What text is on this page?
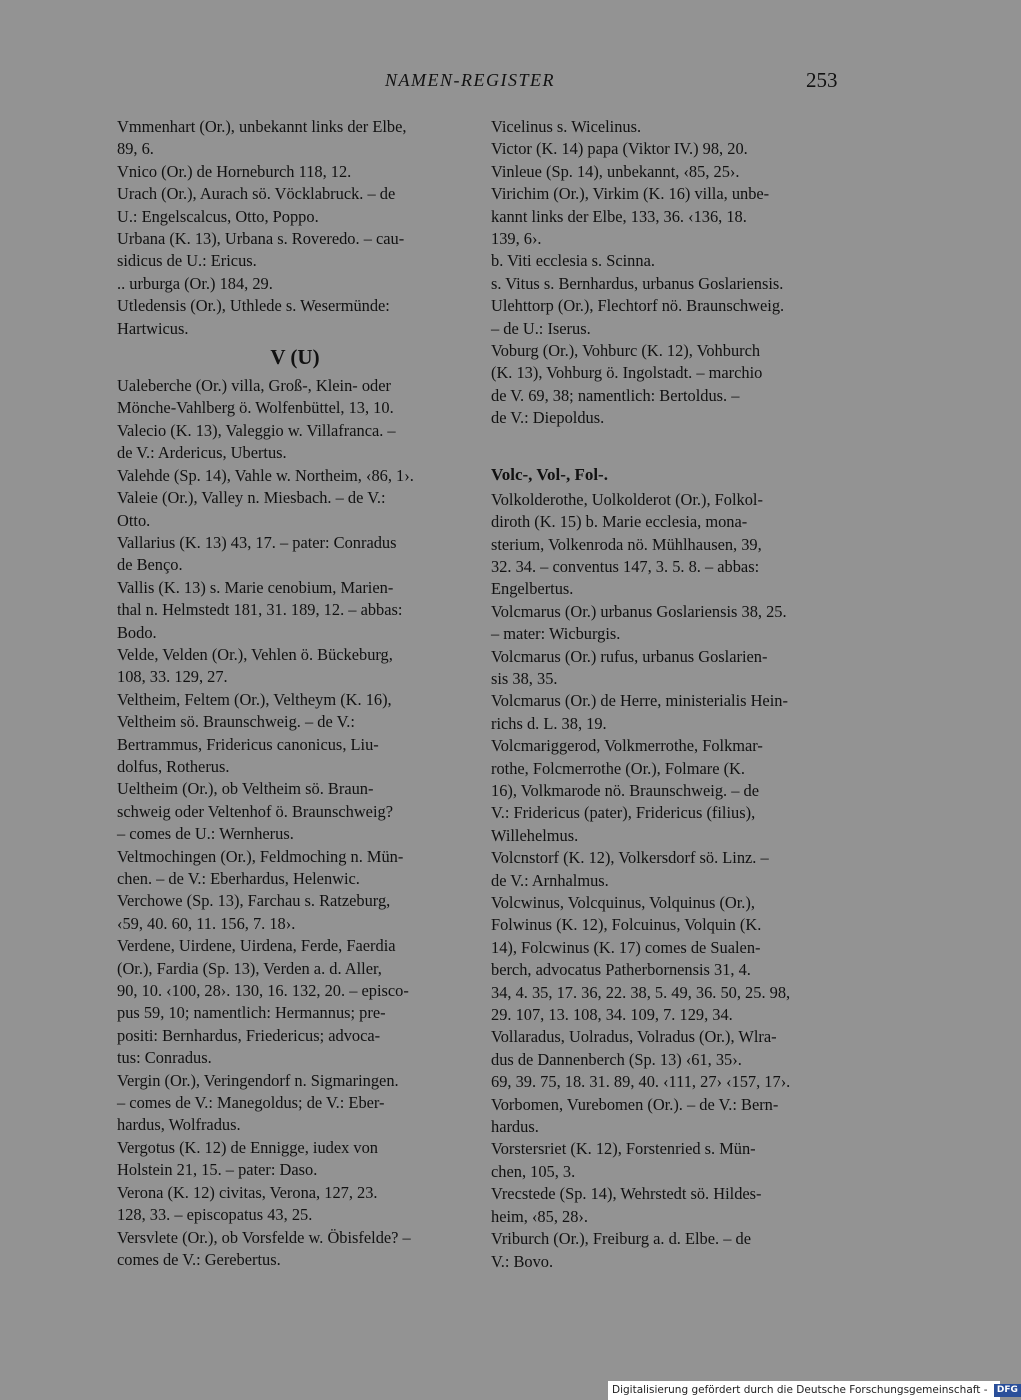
NAMEN-REGISTER	253

Vmmenhart (Or.), unbekannt links der Elbe,
89, 6.

Vnico (Or.) de Horneburch 118, 12.

Urach (Or.), Aurach sö. Vöcklabruck. – de
U.: Engelscalcus, Otto, Poppo.

Urbana (K. 13), Urbana s. Roveredo. – cau-
sidicus de U.: Ericus.

.. urburga (Or.) 184, 29.

Utledensis (Or.), Uthlede s. Wesermünde:
Hartwicus.

V (U)

Ualeberche (Or.) villa, Groß-, Klein- oder
Mönche-Vahlberg ö. Wolfenbüttel, 13, 10.

Valecio (K. 13), Valeggio w. Villafranca. –
de V.: Ardericus, Ubertus.

Valehde (Sp. 14), Vahle w. Northeim, ‹86, 1›.

Valeie (Or.), Valley n. Miesbach. – de V.:
Otto.

Vallarius (K. 13) 43, 17. – pater: Conradus
de Benço.

Vallis (K. 13) s. Marie cenobium, Marien-
thal n. Helmstedt 181, 31. 189, 12. – abbas:
Bodo.

Velde, Velden (Or.), Vehlen ö. Bückeburg,
108, 33. 129, 27.

Veltheim, Feltem (Or.), Veltheym (K. 16),
Veltheim sö. Braunschweig. – de V.:
Bertrammus, Fridericus canonicus, Liu-
dolfus, Rotherus.

Ueltheim (Or.), ob Veltheim sö. Braun-
schweig oder Veltenhof ö. Braunschweig?
– comes de U.: Wernherus.

Veltmochingen (Or.), Feldmoching n. Mün-
chen. – de V.: Eberhardus, Helenwic.

Verchowe (Sp. 13), Farchau s. Ratzeburg,
‹59, 40. 60, 11. 156, 7. 18›.

Verdene, Uirdene, Uirdena, Ferde, Faerdia
(Or.), Fardia (Sp. 13), Verden a. d. Aller,
90, 10. ‹100, 28›. 130, 16. 132, 20. – episco-
pus 59, 10; namentlich: Hermannus; pre-
positi: Bernhardus, Friedericus; advoca-
tus: Conradus.

Vergin (Or.), Veringendorf n. Sigmaringen.
– comes de V.: Manegoldus; de V.: Eber-
hardus, Wolfradus.

Vergotus (K. 12) de Ennigge, iudex von
Holstein 21, 15. – pater: Daso.

Verona (K. 12) civitas, Verona, 127, 23.
128, 33. – episcopatus 43, 25.

Versvlete (Or.), ob Vorsfelde w. Öbisfelde? –
comes de V.: Gerebertus.

Vicelinus s. Wicelinus.

Victor (K. 14) papa (Viktor IV.) 98, 20.

Vinleue (Sp. 14), unbekannt, ‹85, 25›.

Virichim (Or.), Virkim (K. 16) villa, unbe-
kannt links der Elbe, 133, 36. ‹136, 18.
139, 6›.

b. Viti ecclesia s. Scinna.

s. Vitus s. Bernhardus, urbanus Goslariensis.

Ulehttorp (Or.), Flechtorf nö. Braunschweig.
– de U.: Iserus.

Voburg (Or.), Vohburc (K. 12), Vohburch
(K. 13), Vohburg ö. Ingolstadt. – marchio
de V. 69, 38; namentlich: Bertoldus. –
de V.: Diepoldus.

Volc-, Vol-, Fol-.

Volkolderothe, Uolkolderot (Or.), Folkol-
diroth (K. 15) b. Marie ecclesia, mona-
sterium, Volkenroda nö. Mühlhausen, 39,
32. 34. – conventus 147, 3. 5. 8. – abbas:
Engelbertus.

Volcmarus (Or.) urbanus Goslariensis 38, 25.
– mater: Wicburgis.

Volcmarus (Or.) rufus, urbanus Goslarien-
sis 38, 35.

Volcmarus (Or.) de Herre, ministerialis Hein-
richs d. L. 38, 19.

Volcmariggerod, Volkmerrothe, Folkmar-
rothe, Folcmerrothe (Or.), Folmare (K.
16), Volkmarode nö. Braunschweig. – de
V.: Fridericus (pater), Fridericus (filius),
Willehelmus.

Volcnstorf (K. 12), Volkersdorf sö. Linz. –
de V.: Arnhalmus.

Volcwinus, Volcquinus, Volquinus (Or.),
Folwinus (K. 12), Folcuinus, Volquin (K.
14), Folcwinus (K. 17) comes de Sualen-
berch, advocatus Patherbornensis 31, 4.
34, 4. 35, 17. 36, 22. 38, 5. 49, 36. 50, 25. 98,
29. 107, 13. 108, 34. 109, 7. 129, 34.

Vollaradus, Uolradus, Volradus (Or.), Wlra-
dus de Dannenberch (Sp. 13) ‹61, 35›.
69, 39. 75, 18. 31. 89, 40. ‹111, 27› ‹157, 17›.

Vorbomen, Vurebomen (Or.). – de V.: Bern-
hardus.

Vorstersriet (K. 12), Forstenried s. Mün-
chen, 105, 3.

Vrecstede (Sp. 14), Wehrstedt sö. Hildes-
heim, ‹85, 28›.

Vriburch (Or.), Freiburg a. d. Elbe. – de
V.: Bovo.

Digitalisierung gefördert durch die Deutsche Forschungsgemeinschaft - DFG
